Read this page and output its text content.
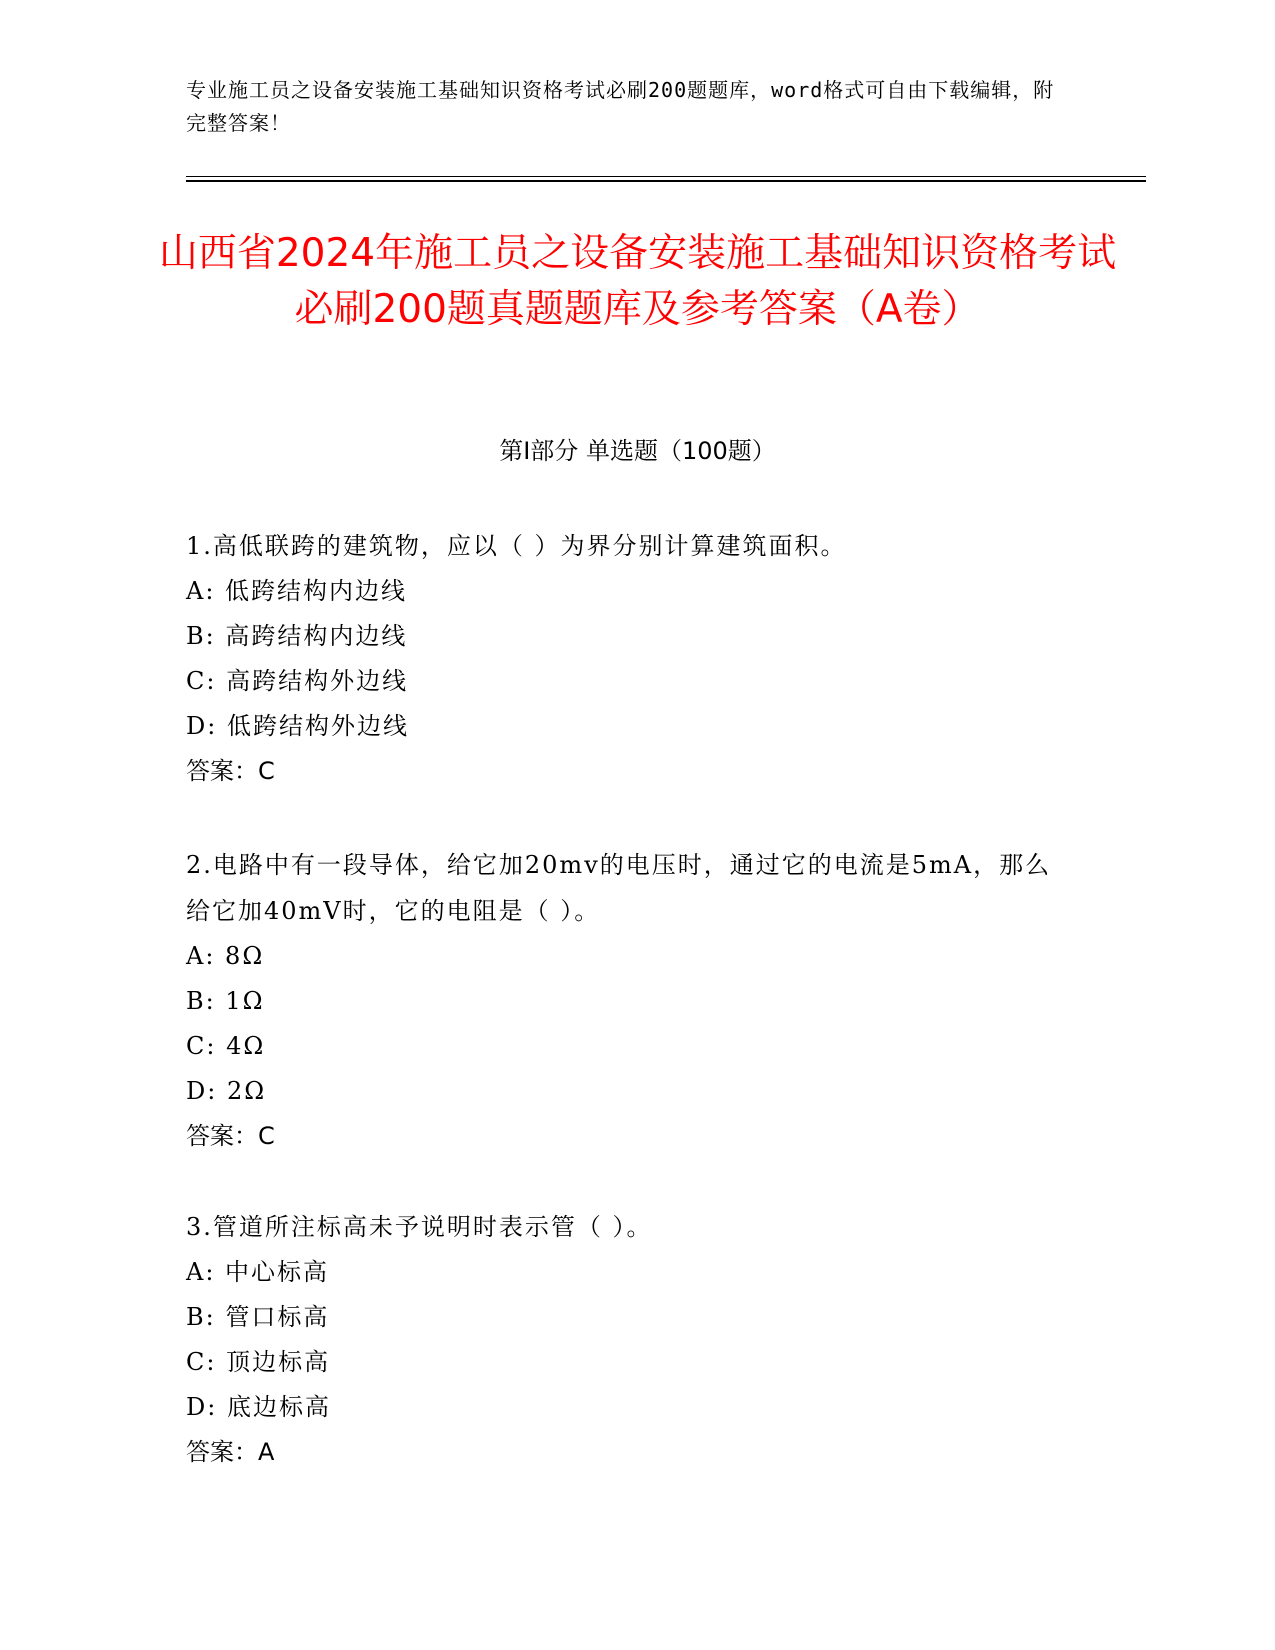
专业施工员之设备安装施工基础知识资格考试必刷200题题库，word格式可自由下载编辑，附完整答案！
山西省2024年施工员之设备安装施工基础知识资格考试必刷200题真题题库及参考答案（A卷）
第Ⅰ部分 单选题（100题）

1.高低联跨的建筑物，应以（ ）为界分别计算建筑面积。

A: 低跨结构内边线

B: 高跨结构内边线

C: 高跨结构外边线

D: 低跨结构外边线

答案：C

2.电路中有一段导体，给它加20mv的电压时，通过它的电流是5mA，那么给它加40mV时，它的电阻是（ ）。

A: 8Ω

B: 1Ω

C: 4Ω

D: 2Ω

答案：C

3.管道所注标高未予说明时表示管（ ）。

A: 中心标高

B: 管口标高

C: 顶边标高

D: 底边标高

答案：A
